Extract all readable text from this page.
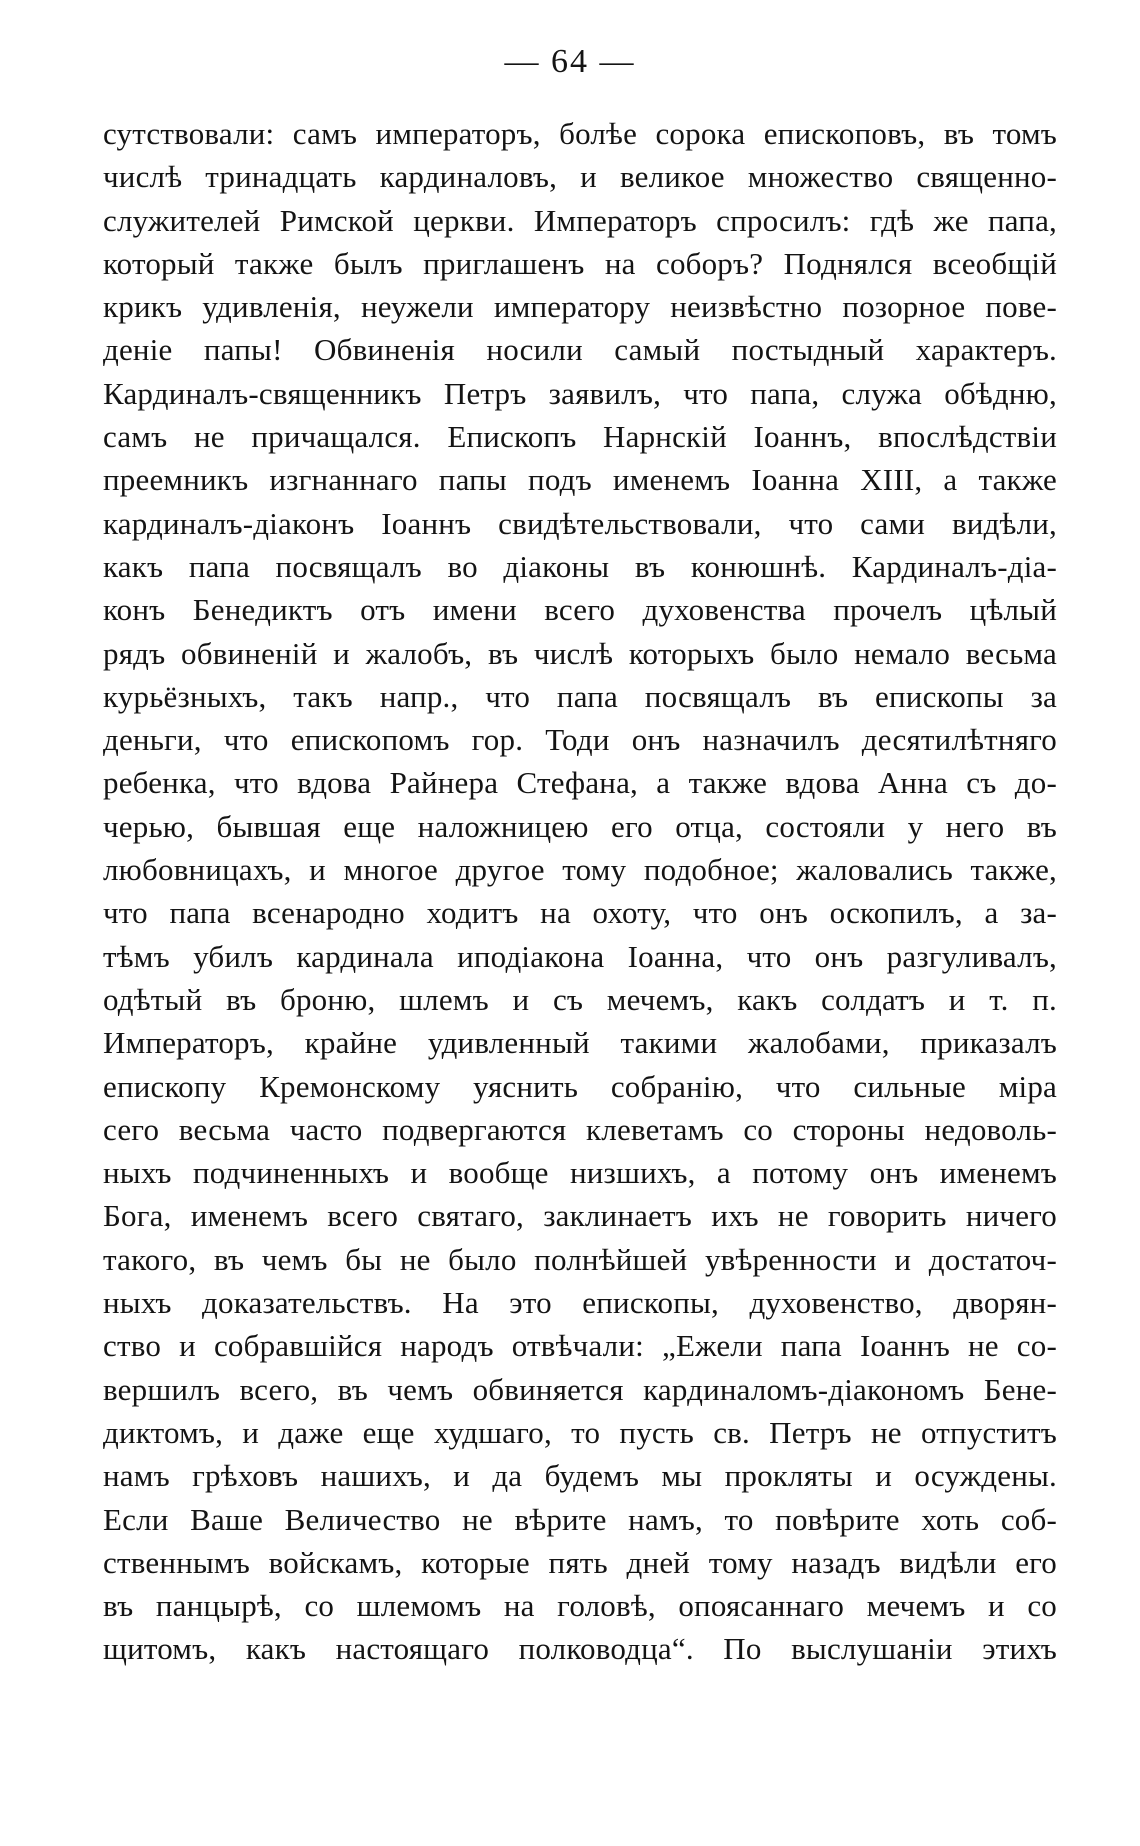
— 64 —
сутствовали: самъ императоръ, болѣе сорока епископовъ, въ томъ
числѣ тринадцать кардиналовъ, и великое множество священно-
служителей Римской церкви. Императоръ спросилъ: гдѣ же папа,
который также былъ приглашенъ на соборъ? Поднялся всеобщій
крикъ удивленія, неужели императору неизвѣстно позорное пове-
деніе папы! Обвиненія носили самый постыдный характеръ.
Кардиналъ-священникъ Петръ заявилъ, что папа, служа обѣдню,
самъ не причащался. Епископъ Нарнскій Іоаннъ, впослѣдствіи
преемникъ изгнаннаго папы подъ именемъ Іоанна XIII, а также
кардиналъ-діаконъ Іоаннъ свидѣтельствовали, что сами видѣли,
какъ папа посвящалъ во діаконы въ конюшнѣ. Кардиналъ-діа-
конъ Бенедиктъ отъ имени всего духовенства прочелъ цѣлый
рядъ обвиненій и жалобъ, въ числѣ которыхъ было немало весьма
курьёзныхъ, такъ напр., что папа посвящалъ въ епископы за
деньги, что епископомъ гор. Тоди онъ назначилъ десятилѣтняго
ребенка, что вдова Райнера Стефана, а также вдова Анна съ до-
черью, бывшая еще наложницею его отца, состояли у него въ
любовницахъ, и многое другое тому подобное; жаловались также,
что папа всенародно ходитъ на охоту, что онъ оскопилъ, а за-
тѣмъ убилъ кардинала иподіакона Іоанна, что онъ разгуливалъ,
одѣтый въ броню, шлемъ и съ мечемъ, какъ солдатъ и т. п.
Императоръ, крайне удивленный такими жалобами, приказалъ
епископу Кремонскому уяснить собранію, что сильные міра
сего весьма часто подвергаются клеветамъ со стороны недоволь-
ныхъ подчиненныхъ и вообще низшихъ, а потому онъ именемъ
Бога, именемъ всего святаго, заклинаетъ ихъ не говорить ничего
такого, въ чемъ бы не было полнѣйшей увѣренности и достаточ-
ныхъ доказательствъ. На это епископы, духовенство, дворян-
ство и собравшійся народъ отвѣчали: „Ежели папа Іоаннъ не со-
вершилъ всего, въ чемъ обвиняется кардиналомъ-діакономъ Бене-
диктомъ, и даже еще худшаго, то пусть св. Петръ не отпуститъ
намъ грѣховъ нашихъ, и да будемъ мы прокляты и осуждены.
Если Ваше Величество не вѣрите намъ, то повѣрите хоть соб-
ственнымъ войскамъ, которые пять дней тому назадъ видѣли его
въ панцырѣ, со шлемомъ на головѣ, опоясаннаго мечемъ и со
щитомъ, какъ настоящаго полководца“. По выслушаніи этихъ
